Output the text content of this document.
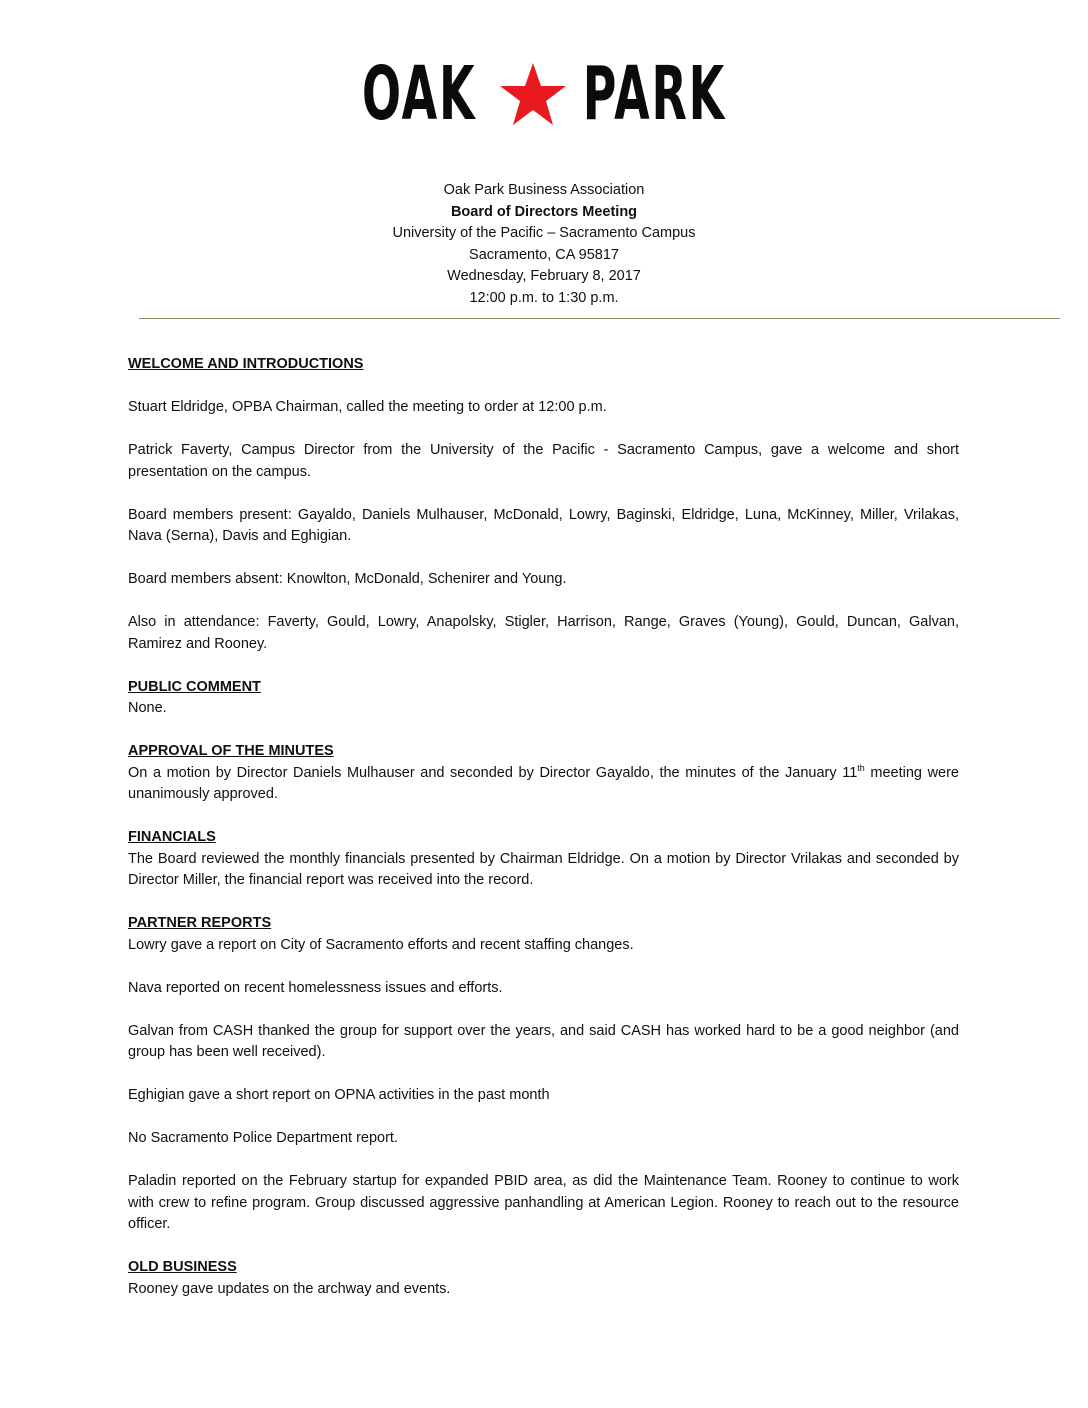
OAK PARK
Oak Park Business Association
Board of Directors Meeting
University of the Pacific – Sacramento Campus
Sacramento, CA 95817
Wednesday, February 8, 2017
12:00 p.m. to 1:30 p.m.
WELCOME AND INTRODUCTIONS

Stuart Eldridge, OPBA Chairman, called the meeting to order at 12:00 p.m.

Patrick Faverty, Campus Director from the University of the Pacific - Sacramento Campus, gave a welcome and short presentation on the campus.

Board members present: Gayaldo, Daniels Mulhauser, McDonald, Lowry, Baginski, Eldridge, Luna, McKinney, Miller, Vrilakas, Nava (Serna), Davis and Eghigian.

Board members absent: Knowlton, McDonald, Schenirer and Young.

Also in attendance: Faverty, Gould, Lowry, Anapolsky, Stigler, Harrison, Range, Graves (Young), Gould, Duncan, Galvan, Ramirez and Rooney.

PUBLIC COMMENT

None.

APPROVAL OF THE MINUTES

On a motion by Director Daniels Mulhauser and seconded by Director Gayaldo, the minutes of the January 11th meeting were unanimously approved.

FINANCIALS

The Board reviewed the monthly financials presented by Chairman Eldridge. On a motion by Director Vrilakas and seconded by Director Miller, the financial report was received into the record.

PARTNER REPORTS

Lowry gave a report on City of Sacramento efforts and recent staffing changes.

Nava reported on recent homelessness issues and efforts.

Galvan from CASH thanked the group for support over the years, and said CASH has worked hard to be a good neighbor (and group has been well received).

Eghigian gave a short report on OPNA activities in the past month

No Sacramento Police Department report.

Paladin reported on the February startup for expanded PBID area, as did the Maintenance Team. Rooney to continue to work with crew to refine program. Group discussed aggressive panhandling at American Legion. Rooney to reach out to the resource officer.

OLD BUSINESS

Rooney gave updates on the archway and events.
